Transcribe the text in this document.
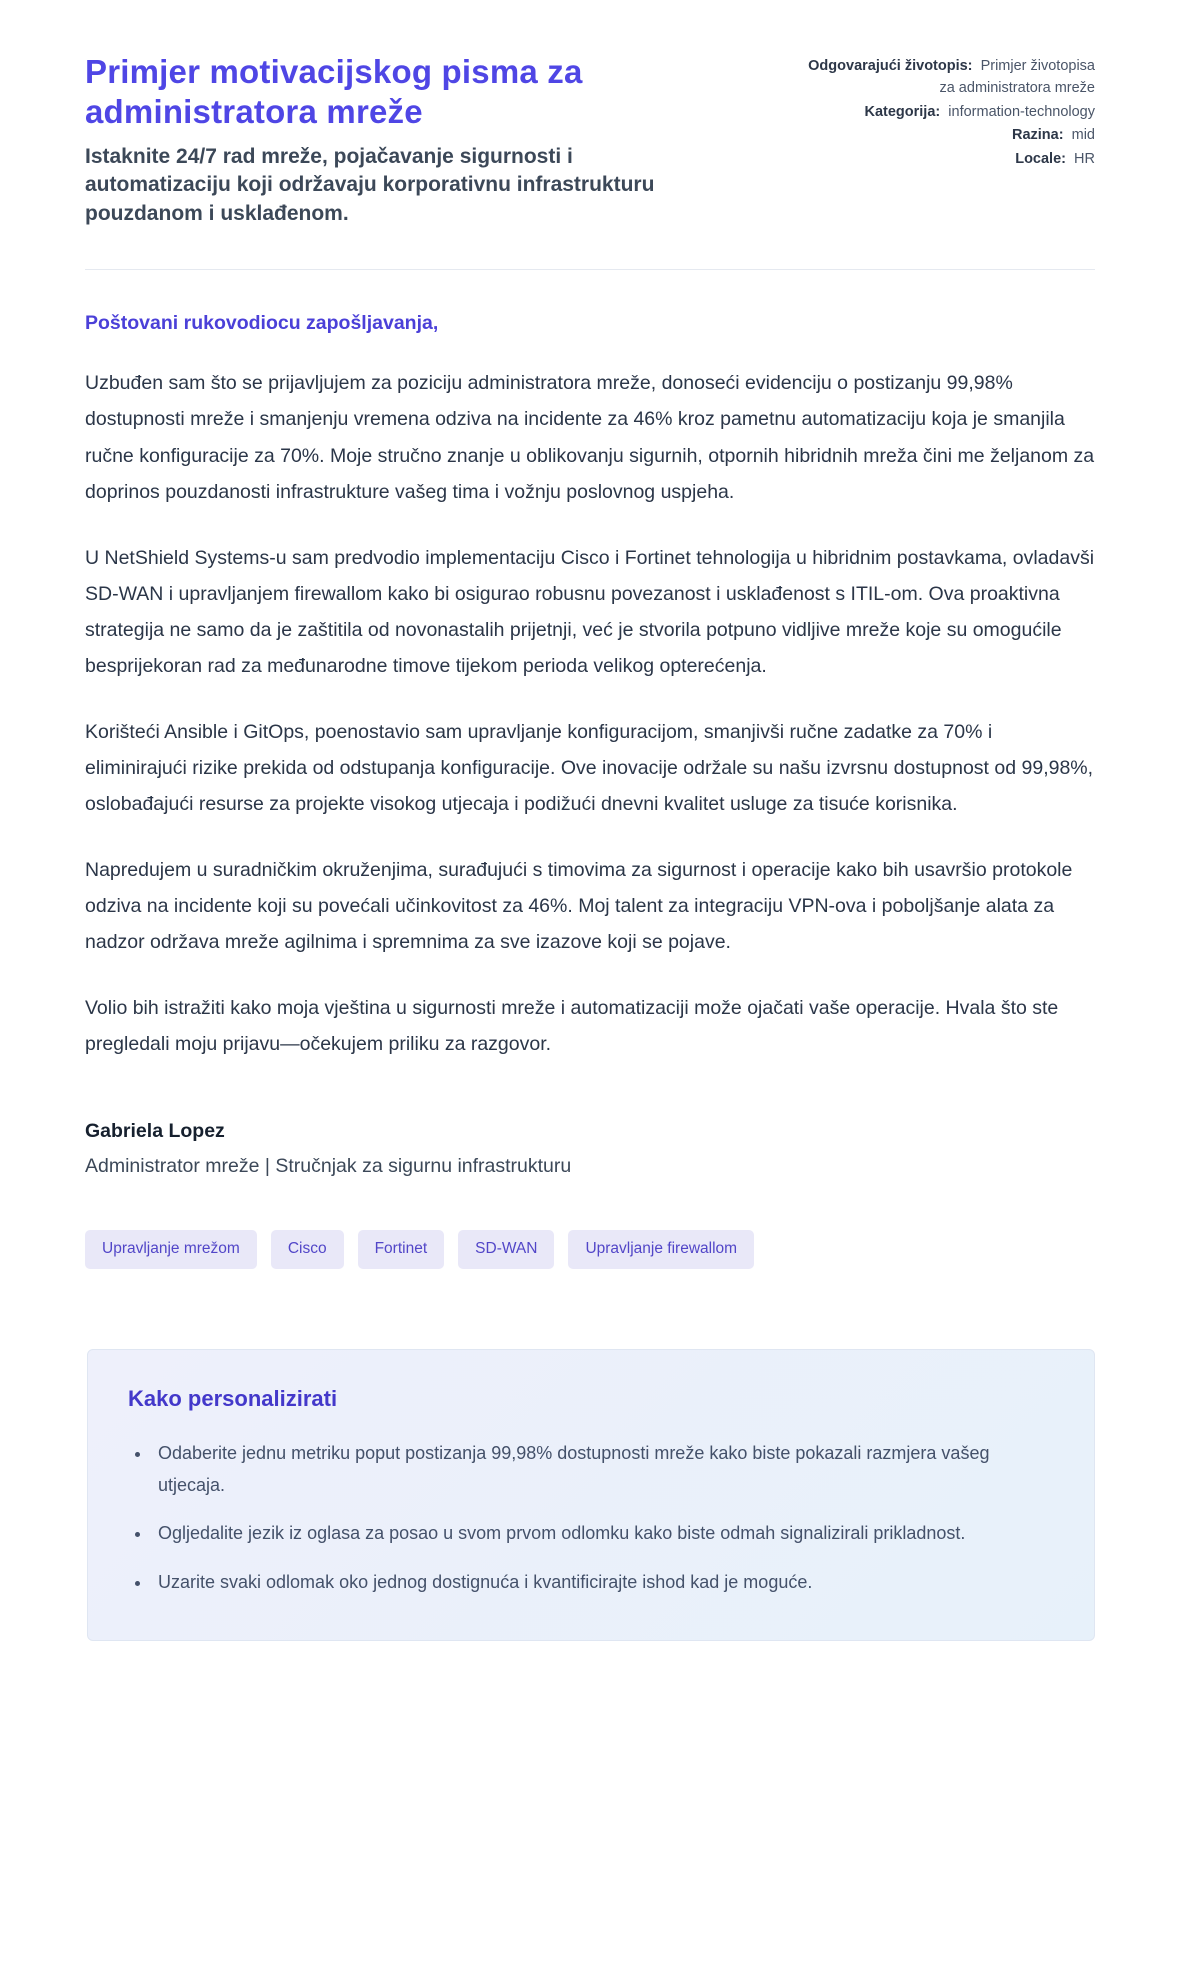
Primjer motivacijskog pisma za administratora mreže

Istaknite 24/7 rad mreže, pojačavanje sigurnosti i automatizaciju koji održavaju korporativnu infrastrukturu pouzdanom i usklađenom.

Odgovarajući životopis: Primjer životopisa za administratora mreže
Kategorija: information-technology
Razina: mid
Locale: HR

Poštovani rukovodiocu zapošljavanja,

Uzbuđen sam što se prijavljujem za poziciju administratora mreže, donoseći evidenciju o postizanju 99,98% dostupnosti mreže i smanjenju vremena odziva na incidente za 46% kroz pametnu automatizaciju koja je smanjila ručne konfiguracije za 70%. Moje stručno znanje u oblikovanju sigurnih, otpornih hibridnih mreža čini me željanom za doprinos pouzdanosti infrastrukture vašeg tima i vožnju poslovnog uspjeha.

U NetShield Systems-u sam predvodio implementaciju Cisco i Fortinet tehnologija u hibridnim postavkama, ovladavši SD-WAN i upravljanjem firewallom kako bi osigurao robusnu povezanost i usklađenost s ITIL-om. Ova proaktivna strategija ne samo da je zaštitila od novonastalih prijetnji, već je stvorila potpuno vidljive mreže koje su omogućile besprijekoran rad za međunarodne timove tijekom perioda velikog opterećenja.

Korišteći Ansible i GitOps, poenostavio sam upravljanje konfiguracijom, smanjivši ručne zadatke za 70% i eliminirajući rizike prekida od odstupanja konfiguracije. Ove inovacije održale su našu izvrsnu dostupnost od 99,98%, oslobađajući resurse za projekte visokog utjecaja i podižući dnevni kvalitet usluge za tisuće korisnika.

Napredujem u suradničkim okruženjima, surađujući s timovima za sigurnost i operacije kako bih usavršio protokole odziva na incidente koji su povećali učinkovitost za 46%. Moj talent za integraciju VPN-ova i poboljšanje alata za nadzor održava mreže agilnima i spremnima za sve izazove koji se pojave.

Volio bih istražiti kako moja vještina u sigurnosti mreže i automatizaciji može ojačati vaše operacije. Hvala što ste pregledali moju prijavu—očekujem priliku za razgovor.

Gabriela Lopez

Administrator mreže | Stručnjak za sigurnu infrastrukturu

Upravljanje mrežom	Cisco	Fortinet	SD-WAN	Upravljanje firewallom
Kako personalizirati
• Odaberite jednu metriku poput postizanja 99,98% dostupnosti mreže kako biste pokazali razmjera vašeg utjecaja.
• Ogljedalite jezik iz oglasa za posao u svom prvom odlomku kako biste odmah signalizirali prikladnost.
• Uzarite svaki odlomak oko jednog dostignuća i kvantificirajte ishod kad je moguće.
